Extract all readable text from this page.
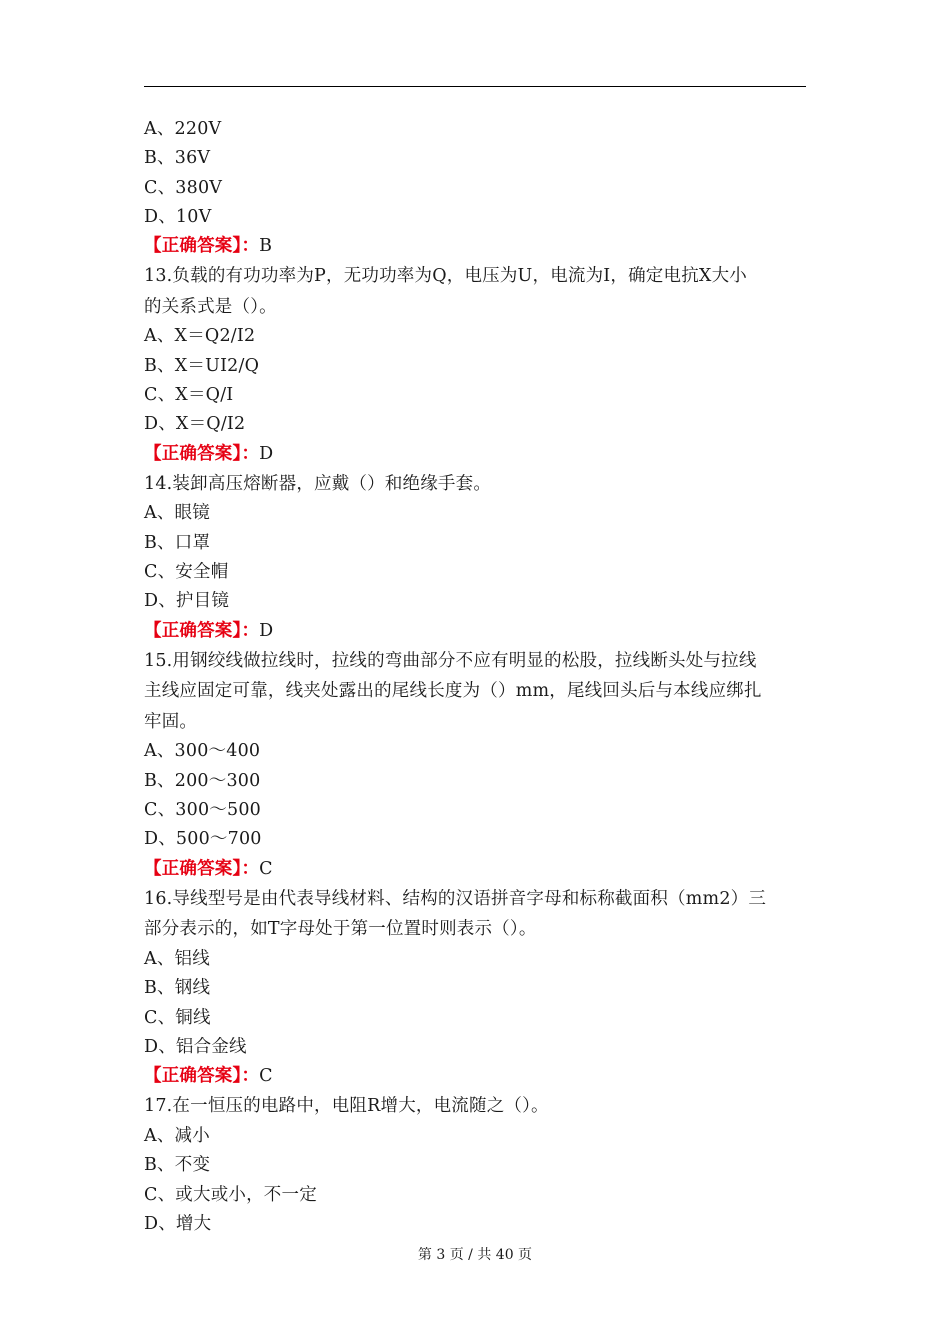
A、220V
B、36V
C、380V
D、10V
【正确答案】：B
13.负载的有功功率为P，无功功率为Q，电压为U，电流为I，确定电抗X大小
的关系式是（）。
A、X＝Q2/I2
B、X＝UI2/Q
C、X＝Q/I
D、X＝Q/I2
【正确答案】：D
14.装卸高压熔断器，应戴（）和绝缘手套。
A、眼镜
B、口罩
C、安全帽
D、护目镜
【正确答案】：D
15.用钢绞线做拉线时，拉线的弯曲部分不应有明显的松股，拉线断头处与拉线
主线应固定可靠，线夹处露出的尾线长度为（）mm，尾线回头后与本线应绑扎
牢固。
A、300～400
B、200～300
C、300～500
D、500～700
【正确答案】：C
16.导线型号是由代表导线材料、结构的汉语拼音字母和标称截面积（mm2）三
部分表示的，如T字母处于第一位置时则表示（）。
A、铝线
B、钢线
C、铜线
D、铝合金线
【正确答案】：C
17.在一恒压的电路中，电阻R增大，电流随之（）。
A、减小
B、不变
C、或大或小，不一定
D、增大
第 3 页 / 共 40 页
